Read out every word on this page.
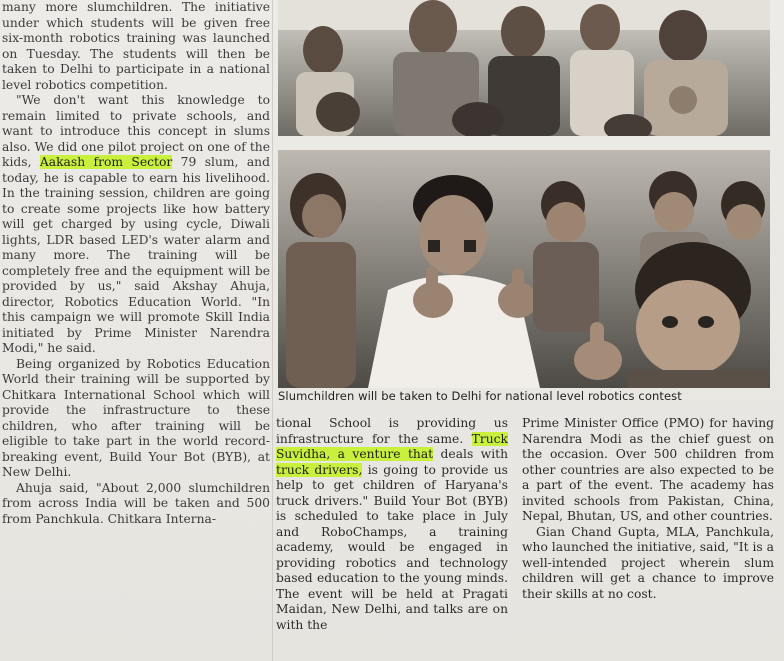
many more slumchildren. The initiative under which students will be given free six-month robotics training was launched on Tuesday. The students will then be taken to Delhi to participate in a national level robotics competition.

"We don't want this knowledge to remain limited to private schools, and want to introduce this concept in slums also. We did one pilot project on one of the kids, Aakash from Sector 79 slum, and today, he is capable to earn his livelihood. In the training session, children are going to create some projects like how battery will get charged by using cycle, Diwali lights, LDR based LED's water alarm and many more. The training will be completely free and the equipment will be provided by us," said Akshay Ahuja, director, Robotics Education World. "In this campaign we will promote Skill India initiated by Prime Minister Narendra Modi," he said.

Being organized by Robotics Education World their training will be supported by Chitkara International School which will provide the infrastructure to these children, who after training will be eligible to take part in the world record-breaking event, Build Your Bot (BYB), at New Delhi.

Ahuja said, "About 2,000 slumchildren from across India will be taken and 500 from Panchkula. Chitkara Interna-

Slumchildren will be taken to Delhi for national level robotics contest

tional School is providing us infrastructure for the same. Truck Suvidha, a venture that deals with truck drivers, is going to provide us help to get children of Haryana's truck drivers." Build Your Bot (BYB) is scheduled to take place in July and RoboChamps, a training academy, would be engaged in providing robotics and technology based education to the young minds. The event will be held at Pragati Maidan, New Delhi, and talks are on with the

Prime Minister Office (PMO) for having Narendra Modi as the chief guest on the occasion. Over 500 children from other countries are also expected to be a part of the event. The academy has invited schools from Pakistan, China, Nepal, Bhutan, US, and other countries.

Gian Chand Gupta, MLA, Panchkula, who launched the initiative, said, "It is a well-intended project wherein slum children will get a chance to improve their skills at no cost.
